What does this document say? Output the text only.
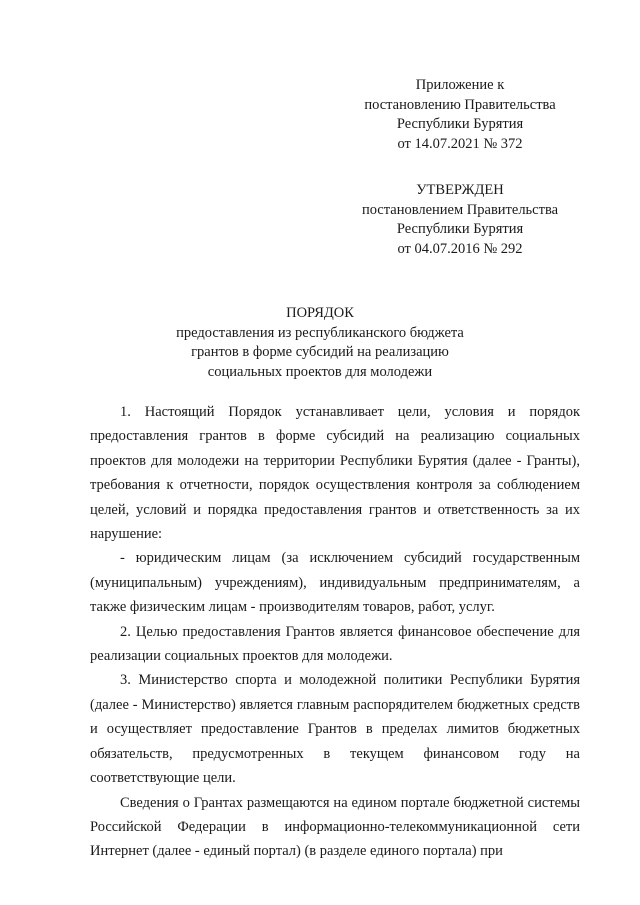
Приложение к
постановлению Правительства
Республики Бурятия
от 14.07.2021 № 372
УТВЕРЖДЕН
постановлением Правительства
Республики Бурятия
от 04.07.2016 № 292
ПОРЯДОК
предоставления из республиканского бюджета
грантов в форме субсидий на реализацию
социальных проектов для молодежи

1. Настоящий Порядок устанавливает цели, условия и порядок предоставления грантов в форме субсидий на реализацию социальных проектов для молодежи на территории Республики Бурятия (далее - Гранты), требования к отчетности, порядок осуществления контроля за соблюдением целей, условий и порядка предоставления грантов и ответственность за их нарушение:

- юридическим лицам (за исключением субсидий государственным (муниципальным) учреждениям), индивидуальным предпринимателям, а также физическим лицам - производителям товаров, работ, услуг.

2. Целью предоставления Грантов является финансовое обеспечение для реализации социальных проектов для молодежи.

3. Министерство спорта и молодежной политики Республики Бурятия (далее - Министерство) является главным распорядителем бюджетных средств и осуществляет предоставление Грантов в пределах лимитов бюджетных обязательств, предусмотренных в текущем финансовом году на соответствующие цели.

Сведения о Грантах размещаются на едином портале бюджетной системы Российской Федерации в информационно-телекоммуникационной сети Интернет (далее - единый портал) (в разделе единого портала) при
